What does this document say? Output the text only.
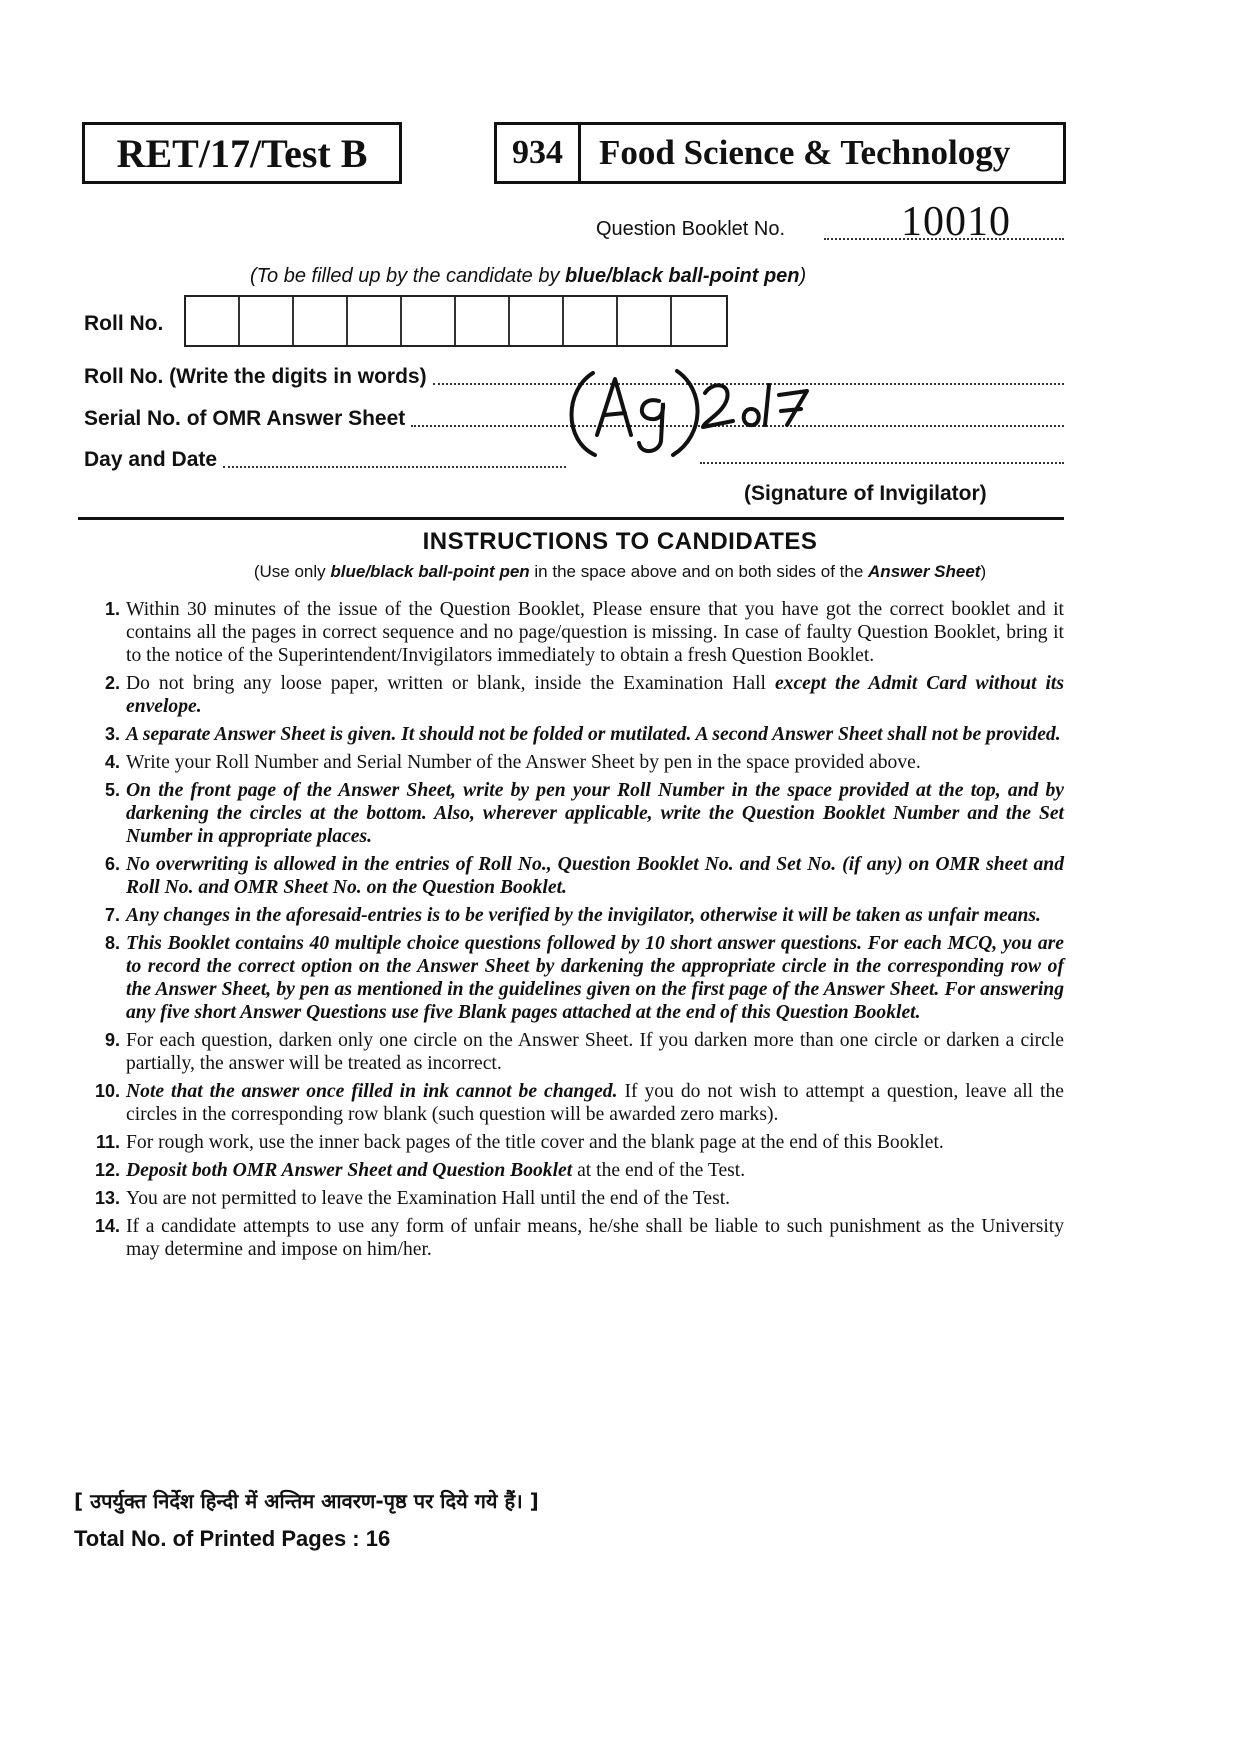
RET/17/Test B	934	Food Science & Technology
Question Booklet No.	10010
(To be filled up by the candidate by blue/black ball-point pen)
Roll No.
Roll No. (Write the digits in words)
Serial No. of OMR Answer Sheet
Day and Date
(Signature of Invigilator)
INSTRUCTIONS TO CANDIDATES
(Use only blue/black ball-point pen in the space above and on both sides of the Answer Sheet)
1. Within 30 minutes of the issue of the Question Booklet, Please ensure that you have got the correct booklet and it contains all the pages in correct sequence and no page/question is missing. In case of faulty Question Booklet, bring it to the notice of the Superintendent/Invigilators immediately to obtain a fresh Question Booklet.
2. Do not bring any loose paper, written or blank, inside the Examination Hall except the Admit Card without its envelope.
3. A separate Answer Sheet is given. It should not be folded or mutilated. A second Answer Sheet shall not be provided.
4. Write your Roll Number and Serial Number of the Answer Sheet by pen in the space provided above.
5. On the front page of the Answer Sheet, write by pen your Roll Number in the space provided at the top, and by darkening the circles at the bottom. Also, wherever applicable, write the Question Booklet Number and the Set Number in appropriate places.
6. No overwriting is allowed in the entries of Roll No., Question Booklet No. and Set No. (if any) on OMR sheet and Roll No. and OMR Sheet No. on the Question Booklet.
7. Any changes in the aforesaid-entries is to be verified by the invigilator, otherwise it will be taken as unfair means.
8. This Booklet contains 40 multiple choice questions followed by 10 short answer questions. For each MCQ, you are to record the correct option on the Answer Sheet by darkening the appropriate circle in the corresponding row of the Answer Sheet, by pen as mentioned in the guidelines given on the first page of the Answer Sheet. For answering any five short Answer Questions use five Blank pages attached at the end of this Question Booklet.
9. For each question, darken only one circle on the Answer Sheet. If you darken more than one circle or darken a circle partially, the answer will be treated as incorrect.
10. Note that the answer once filled in ink cannot be changed. If you do not wish to attempt a question, leave all the circles in the corresponding row blank (such question will be awarded zero marks).
11. For rough work, use the inner back pages of the title cover and the blank page at the end of this Booklet.
12. Deposit both OMR Answer Sheet and Question Booklet at the end of the Test.
13. You are not permitted to leave the Examination Hall until the end of the Test.
14. If a candidate attempts to use any form of unfair means, he/she shall be liable to such punishment as the University may determine and impose on him/her.
[ उपर्युक्त निर्देश हिन्दी में अन्तिम आवरण-पृष्ठ पर दिये गये हैं। ]
Total No. of Printed Pages : 16
